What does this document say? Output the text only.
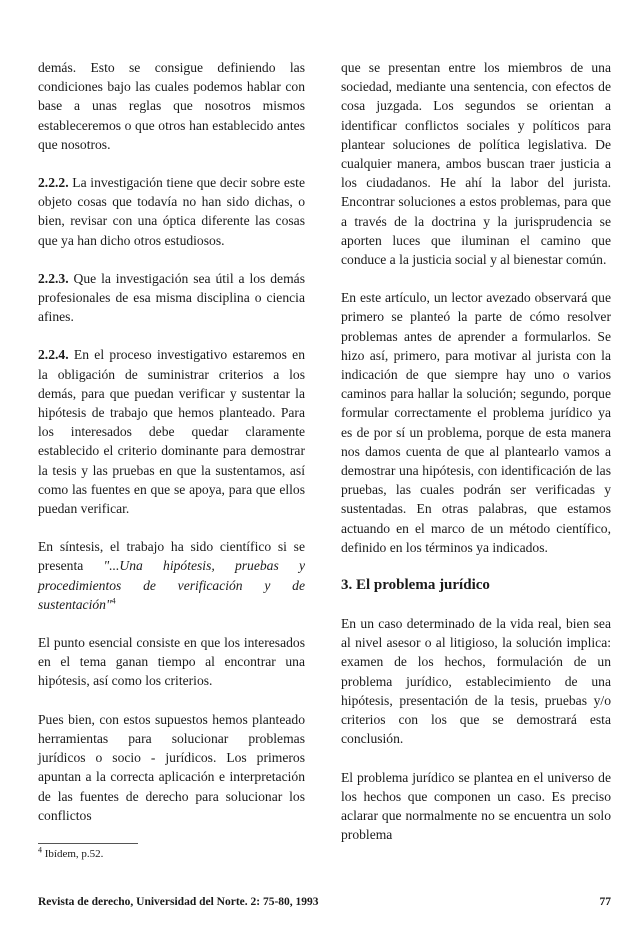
demás. Esto se consigue definiendo las condiciones bajo las cuales podemos hablar con base a unas reglas que nosotros mismos estableceremos o que otros han establecido antes que nosotros.

2.2.2. La investigación tiene que decir sobre este objeto cosas que todavía no han sido dichas, o bien, revisar con una óptica diferente las cosas que ya han dicho otros estudiosos.

2.2.3. Que la investigación sea útil a los demás profesionales de esa misma disciplina o ciencia afines.

2.2.4. En el proceso investigativo estaremos en la obligación de suministrar criterios a los demás, para que puedan verificar y sustentar la hipótesis de trabajo que hemos planteado. Para los interesados debe quedar claramente establecido el criterio dominante para demostrar la tesis y las pruebas en que la sustentamos, así como las fuentes en que se apoya, para que ellos puedan verificar.

En síntesis, el trabajo ha sido científico si se presenta "...Una hipótesis, pruebas y procedimientos de verificación y de sustentación"$^4$

El punto esencial consiste en que los interesados en el tema ganan tiempo al encontrar una hipótesis, así como los criterios.

Pues bien, con estos supuestos hemos planteado herramientas para solucionar problemas jurídicos o socio - jurídicos. Los primeros apuntan a la correcta aplicación e interpretación de las fuentes de derecho para solucionar los conflictos

que se presentan entre los miembros de una sociedad, mediante una sentencia, con efectos de cosa juzgada. Los segundos se orientan a identificar conflictos sociales y políticos para plantear soluciones de política legislativa. De cualquier manera, ambos buscan traer justicia a los ciudadanos. He ahí la labor del jurista. Encontrar soluciones a estos problemas, para que a través de la doctrina y la jurisprudencia se aporten luces que iluminan el camino que conduce a la justicia social y al bienestar común.

En este artículo, un lector avezado observará que primero se planteó la parte de cómo resolver problemas antes de aprender a formularlos. Se hizo así, primero, para motivar al jurista con la indicación de que siempre hay uno o varios caminos para hallar la solución; segundo, porque formular correctamente el problema jurídico ya es de por sí un problema, porque de esta manera nos damos cuenta de que al plantearlo vamos a demostrar una hipótesis, con identificación de las pruebas, las cuales podrán ser verificadas y sustentadas. En otras palabras, que estamos actuando en el marco de un método científico, definido en los términos ya indicados.

3. El problema jurídico

En un caso determinado de la vida real, bien sea al nivel asesor o al litigioso, la solución implica: examen de los hechos, formulación de un problema jurídico, establecimiento de una hipótesis, presentación de la tesis, pruebas y/o criterios con los que se demostrará esta conclusión.

El problema jurídico se plantea en el universo de los hechos que componen un caso. Es preciso aclarar que normalmente no se encuentra un solo problema

$^4$ Ibídem, p.52.
Revista de derecho, Universidad del Norte. 2: 75-80, 1993	77
